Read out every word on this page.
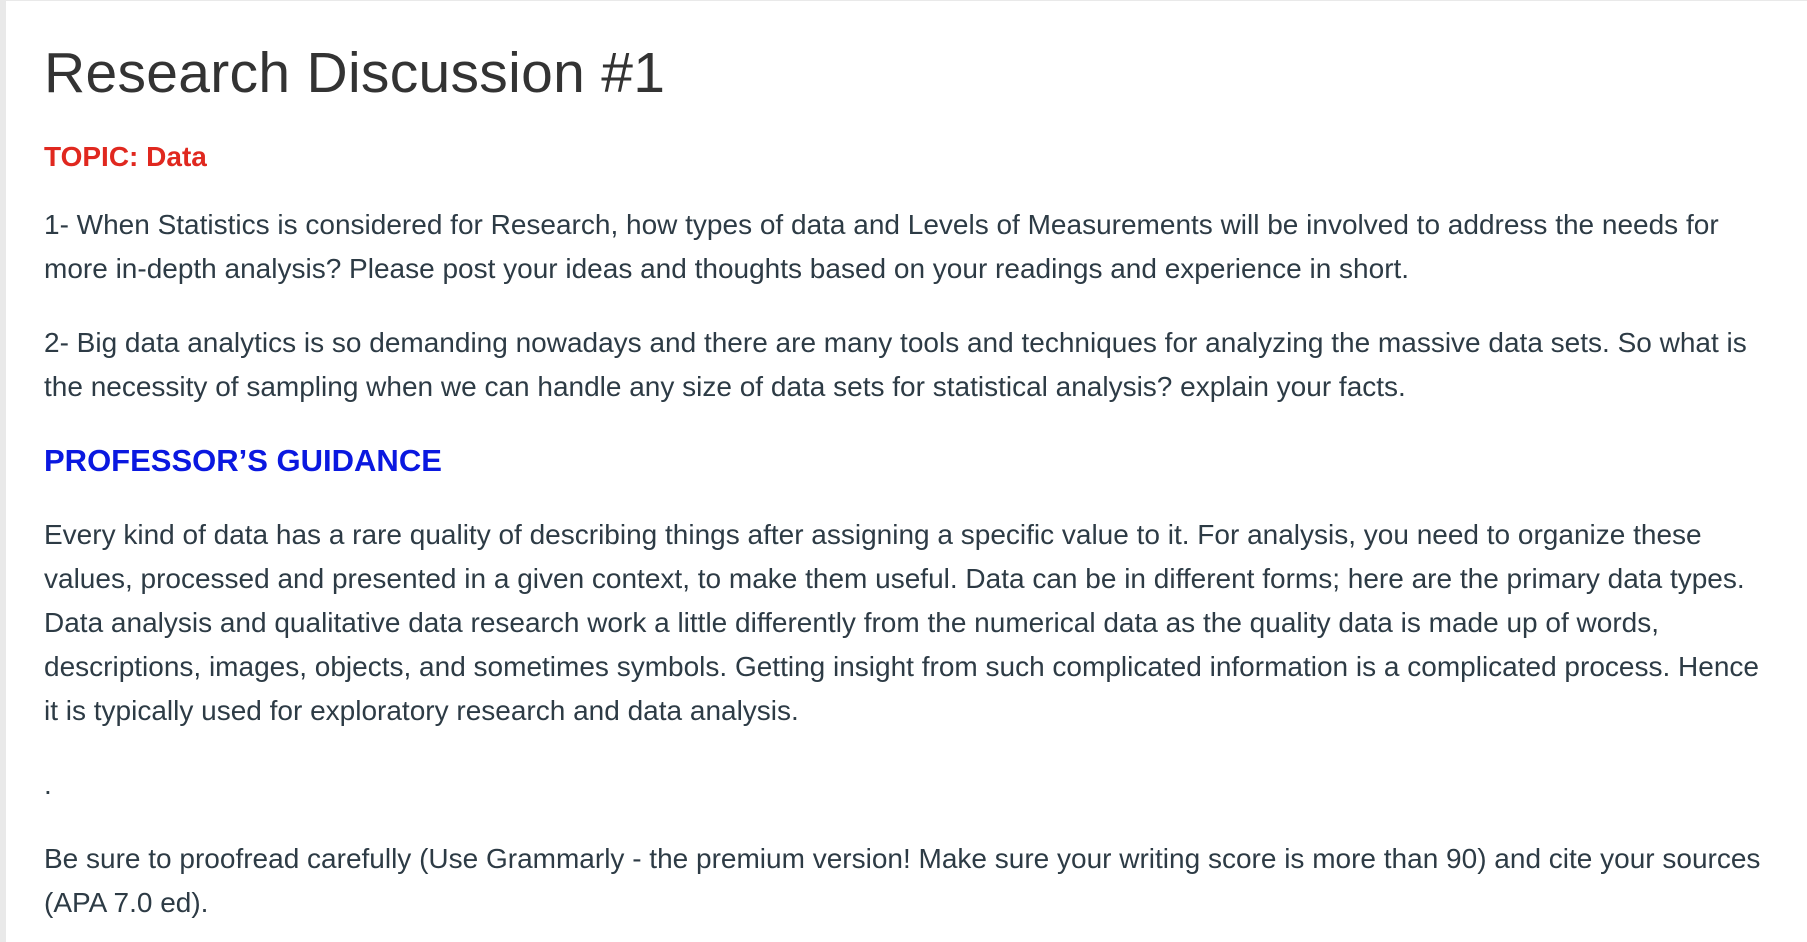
Research Discussion #1

TOPIC: Data

1- When Statistics is considered for Research, how types of data and Levels of Measurements will be involved to address the needs for more in-depth analysis? Please post your ideas and thoughts based on your readings and experience in short.

2- Big data analytics is so demanding nowadays and there are many tools and techniques for analyzing the massive data sets. So what is the necessity of sampling when we can handle any size of data sets for statistical analysis? explain your facts.

PROFESSOR’S GUIDANCE

Every kind of data has a rare quality of describing things after assigning a specific value to it. For analysis, you need to organize these values, processed and presented in a given context, to make them useful. Data can be in different forms; here are the primary data types. Data analysis and qualitative data research work a little differently from the numerical data as the quality data is made up of words, descriptions, images, objects, and sometimes symbols. Getting insight from such complicated information is a complicated process. Hence it is typically used for exploratory research and data analysis.

.

Be sure to proofread carefully (Use Grammarly - the premium version! Make sure your writing score is more than 90) and cite your sources (APA 7.0 ed).
